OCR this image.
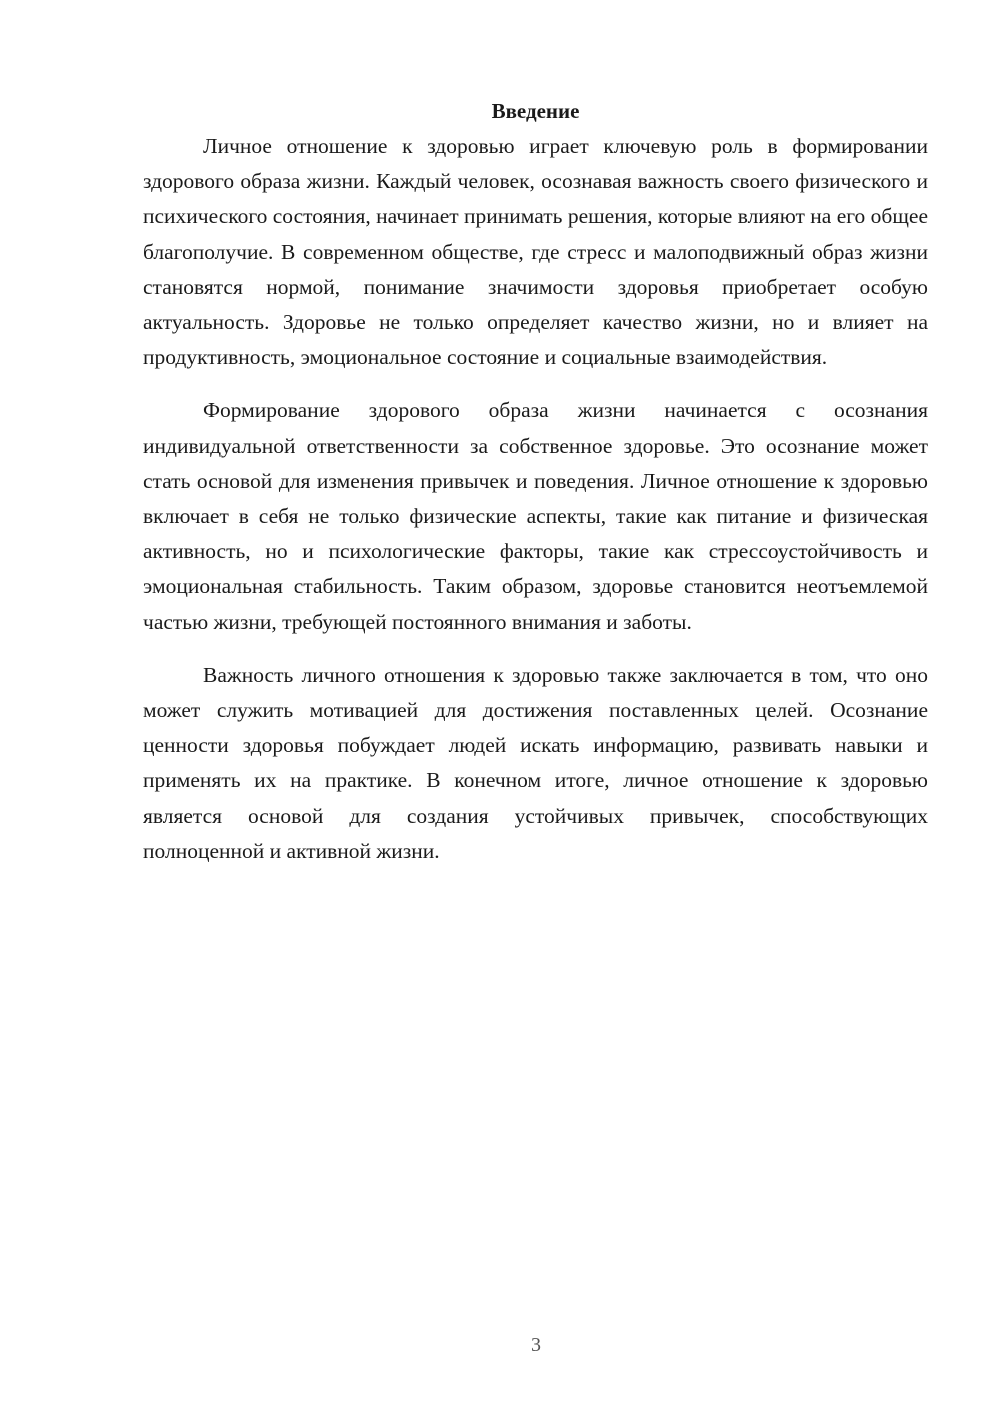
Введение

Личное отношение к здоровью играет ключевую роль в формировании здорового образа жизни. Каждый человек, осознавая важность своего физического и психического состояния, начинает принимать решения, которые влияют на его общее благополучие. В современном обществе, где стресс и малоподвижный образ жизни становятся нормой, понимание значимости здоровья приобретает особую актуальность. Здоровье не только определяет качество жизни, но и влияет на продуктивность, эмоциональное состояние и социальные взаимодействия.

Формирование здорового образа жизни начинается с осознания индивидуальной ответственности за собственное здоровье. Это осознание может стать основой для изменения привычек и поведения. Личное отношение к здоровью включает в себя не только физические аспекты, такие как питание и физическая активность, но и психологические факторы, такие как стрессоустойчивость и эмоциональная стабильность. Таким образом, здоровье становится неотъемлемой частью жизни, требующей постоянного внимания и заботы.

Важность личного отношения к здоровью также заключается в том, что оно может служить мотивацией для достижения поставленных целей. Осознание ценности здоровья побуждает людей искать информацию, развивать навыки и применять их на практике. В конечном итоге, личное отношение к здоровью является основой для создания устойчивых привычек, способствующих полноценной и активной жизни.

3
